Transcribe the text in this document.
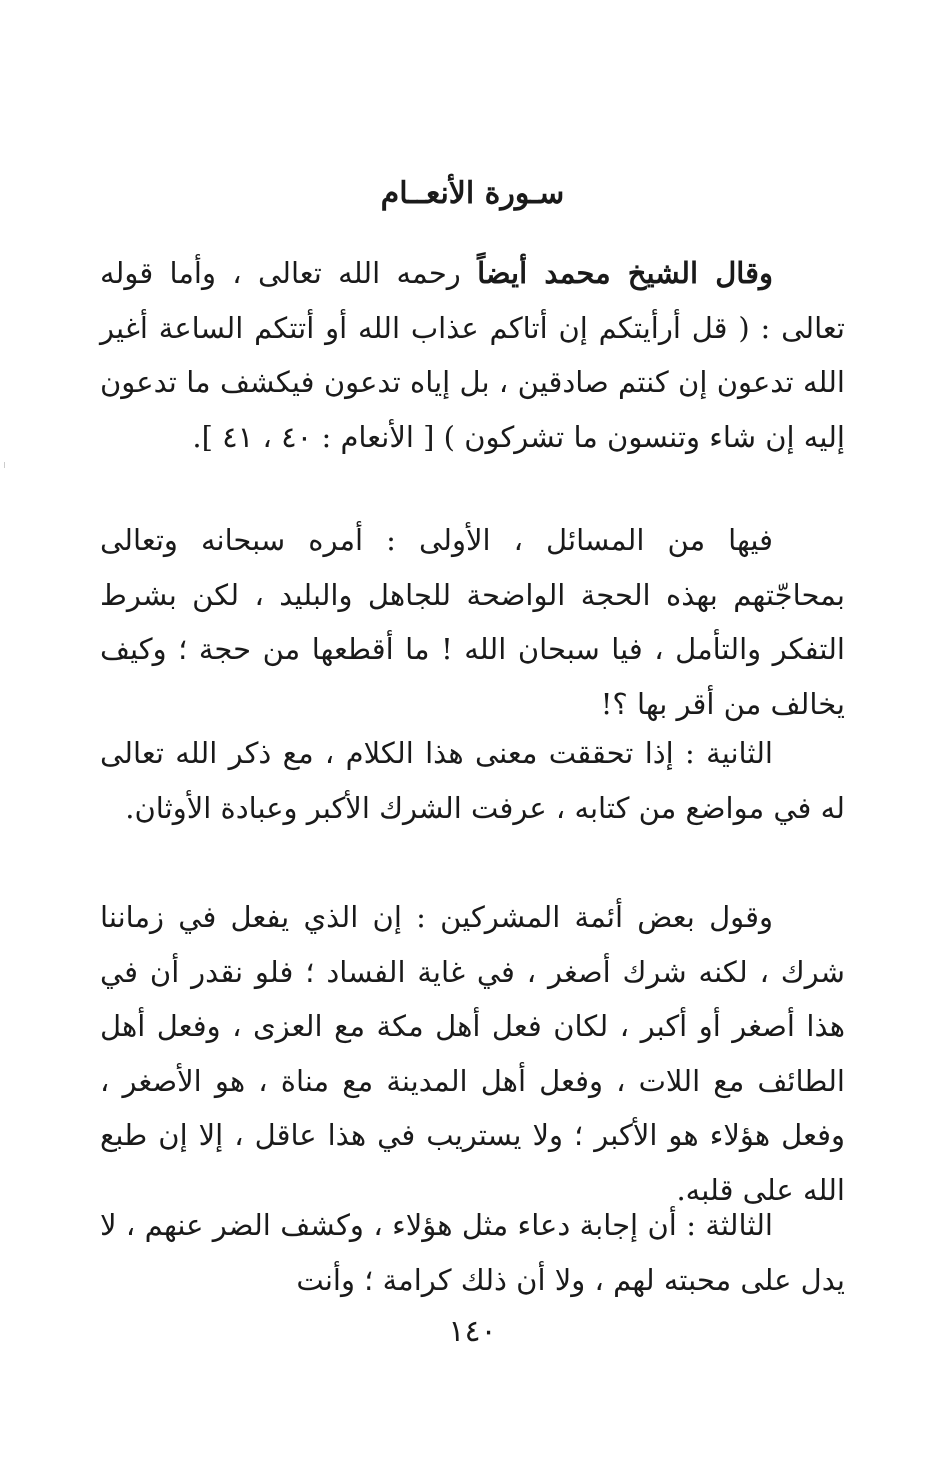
سـورة الأنعــام

وقال الشيخ محمد أيضاً رحمه الله تعالى ، وأما قوله تعالى : ( قل أرأيتكم إن أتاكم عذاب الله أو أتتكم الساعة أغير الله تدعون إن كنتم صادقين ، بل إياه تدعون فيكشف ما تدعون إليه إن شاء وتنسون ما تشركون ) [ الأنعام : ٤٠ ، ٤١ ].

فيها من المسائل ، الأولى : أمره سبحانه وتعالى بمحاجّتهم بهذه الحجة الواضحة للجاهل والبليد ، لكن بشرط التفكر والتأمل ، فيا سبحان الله ! ما أقطعها من حجة ؛ وكيف يخالف من أقر بها ؟!

الثانية : إذا تحققت معنى هذا الكلام ، مع ذكر الله تعالى له في مواضع من كتابه ، عرفت الشرك الأكبر وعبادة الأوثان.

وقول بعض أئمة المشركين : إن الذي يفعل في زماننا شرك ، لكنه شرك أصغر ، في غاية الفساد ؛ فلو نقدر أن في هذا أصغر أو أكبر ، لكان فعل أهل مكة مع العزى ، وفعل أهل الطائف مع اللات ، وفعل أهل المدينة مع مناة ، هو الأصغر ، وفعل هؤلاء هو الأكبر ؛ ولا يستريب في هذا عاقل ، إلا إن طبع الله على قلبه.

الثالثة : أن إجابة دعاء مثل هؤلاء ، وكشف الضر عنهم ، لا يدل على محبته لهم ، ولا أن ذلك كرامة ؛ وأنت

١٤٠
